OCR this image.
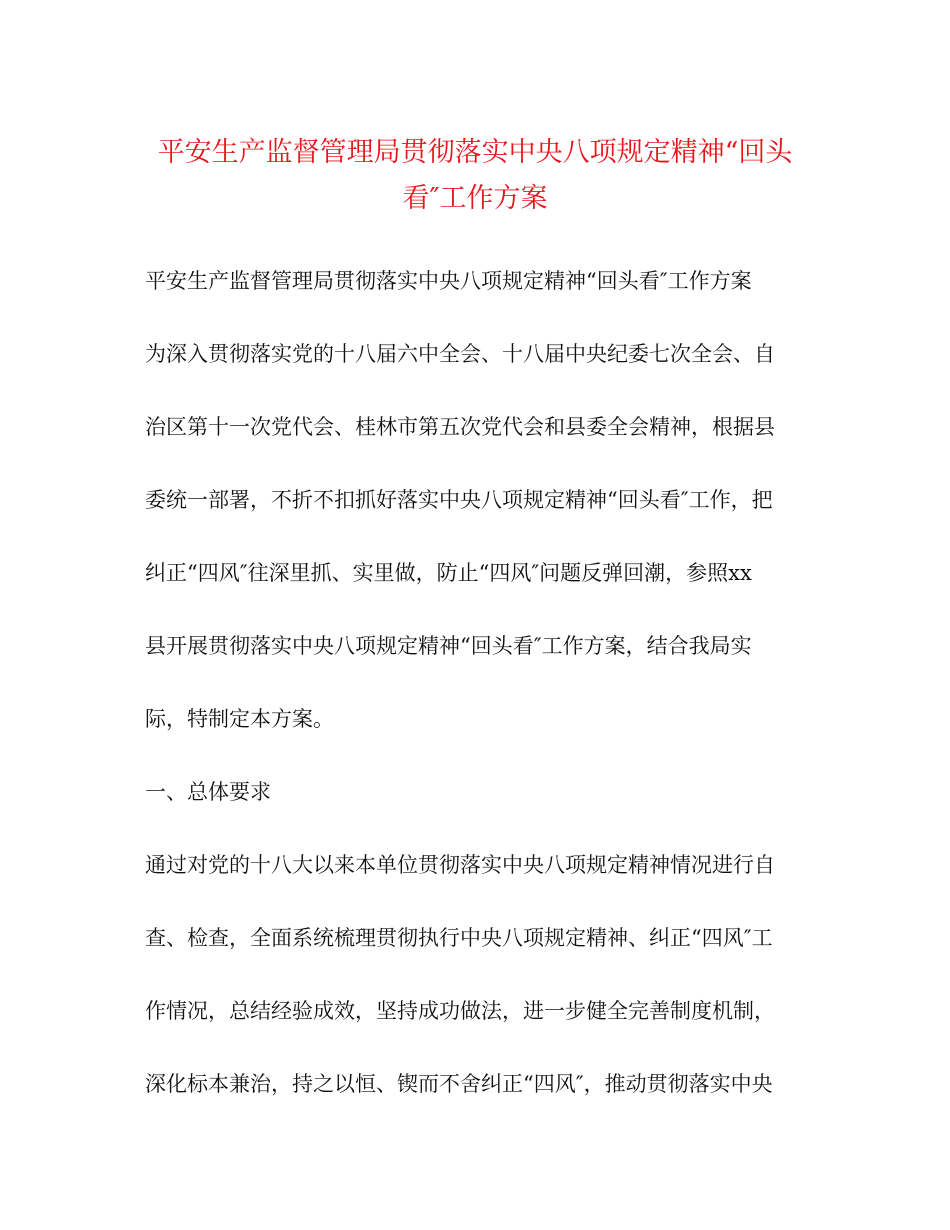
平安生产监督管理局贯彻落实中央八项规定精神“回头
看″工作方案
平安生产监督管理局贯彻落实中央八项规定精神“回头看″工作方案
为深入贯彻落实党的十八届六中全会、十八届中央纪委七次全会、自
治区第十一次党代会、桂林市第五次党代会和县委全会精神，根据县
委统一部署，不折不扣抓好落实中央八项规定精神“回头看″工作，把
纠正“四风″往深里抓、实里做，防止“四风″问题反弹回潮，参照xx
县开展贯彻落实中央八项规定精神“回头看″工作方案，结合我局实
际，特制定本方案。
一、总体要求
通过对党的十八大以来本单位贯彻落实中央八项规定精神情况进行自
查、检查，全面系统梳理贯彻执行中央八项规定精神、纠正“四风″工
作情况，总结经验成效，坚持成功做法，进一步健全完善制度机制，
深化标本兼治，持之以恒、锲而不舍纠正“四风″，推动贯彻落实中央
